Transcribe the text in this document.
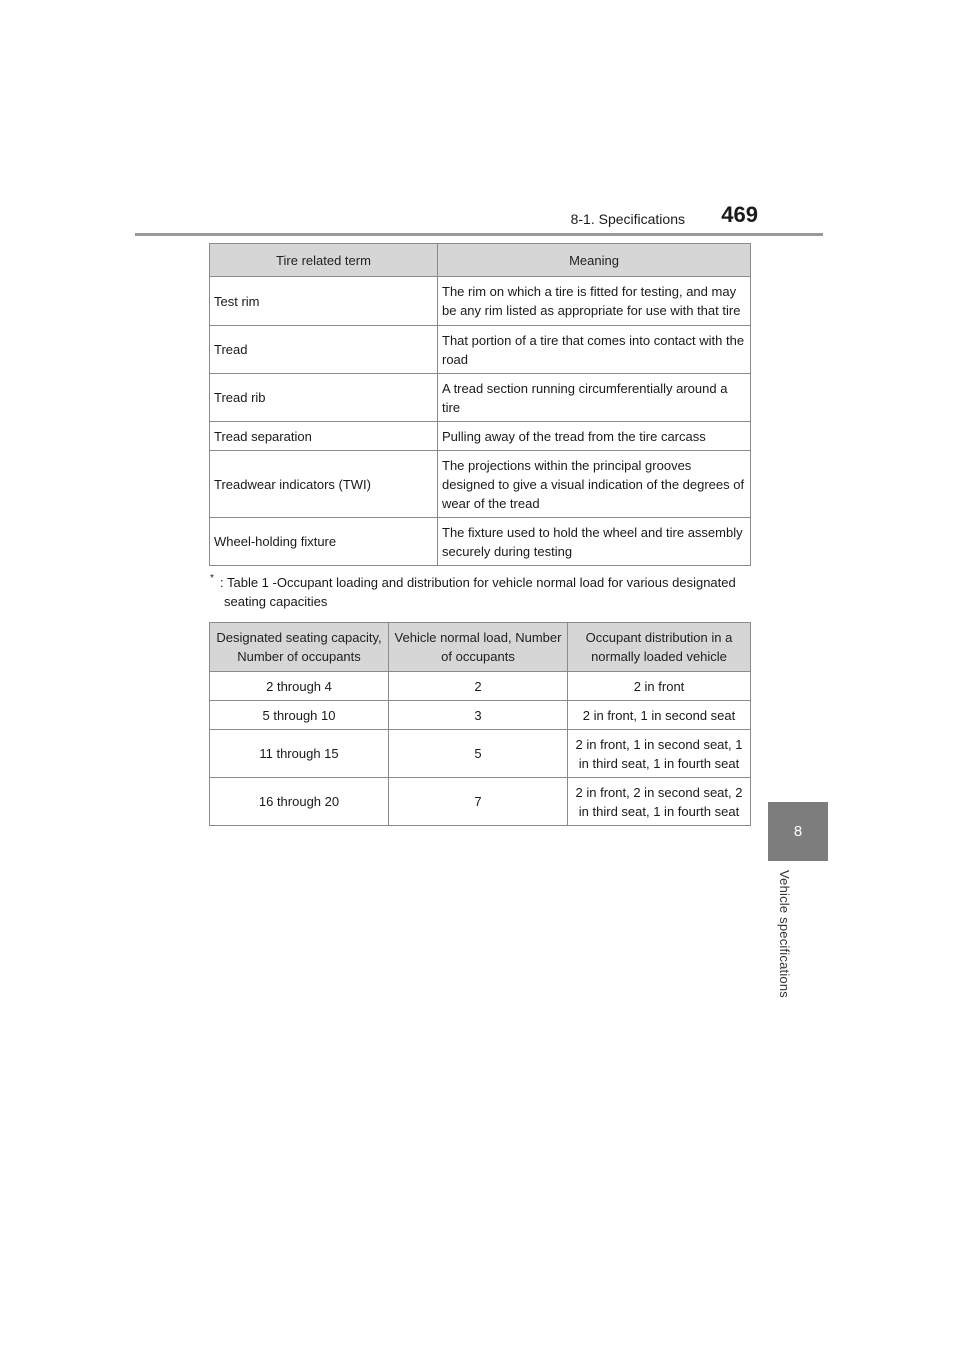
8-1. Specifications 469
8
Vehicle specifications
Tire related term	Meaning
Test rim	The rim on which a tire is fitted for testing, and may be any rim listed as appropriate for use with that tire
Tread	That portion of a tire that comes into contact with the road
Tread rib	A tread section running circumferentially around a tire
Tread separation	Pulling away of the tread from the tire carcass
Treadwear indicators (TWI)	The projections within the principal grooves designed to give a visual indication of the degrees of wear of the tread
Wheel-holding fixture	The fixture used to hold the wheel and tire assembly securely during testing
* : Table 1 -Occupant loading and distribution for vehicle normal load for various designated seating capacities
Designated seating capacity, Number of occupants	Vehicle normal load, Number of occupants	Occupant distribution in a normally loaded vehicle
2 through 4	2	2 in front
5 through 10	3	2 in front, 1 in second seat
11 through 15	5	2 in front, 1 in second seat, 1 in third seat, 1 in fourth seat
16 through 20	7	2 in front, 2 in second seat, 2 in third seat, 1 in fourth seat
